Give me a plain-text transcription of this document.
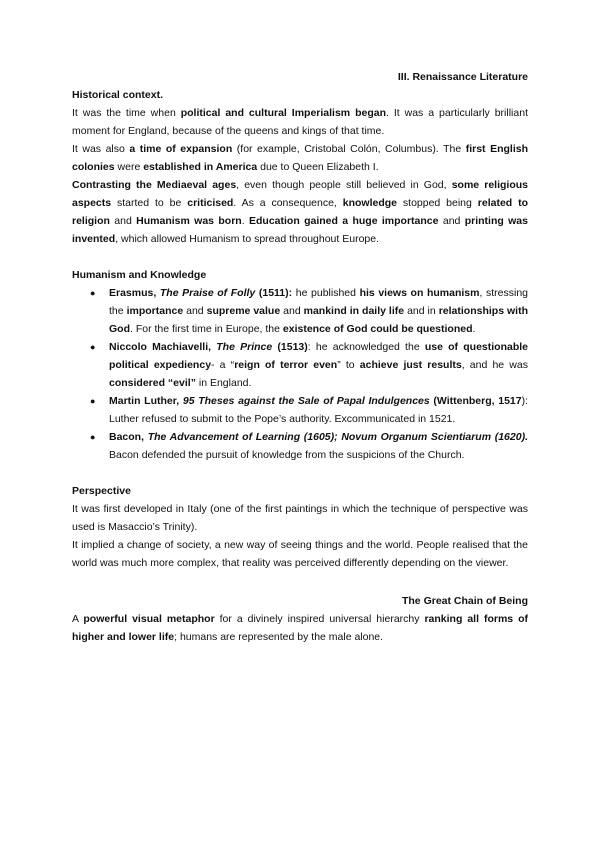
III. Renaissance Literature

Historical context.

It was the time when political and cultural Imperialism began. It was a particularly brilliant moment for England, because of the queens and kings of that time.

It was also a time of expansion (for example, Cristobal Colón, Columbus). The first English colonies were established in America due to Queen Elizabeth I.

Contrasting the Mediaeval ages, even though people still believed in God, some religious aspects started to be criticised. As a consequence, knowledge stopped being related to religion and Humanism was born. Education gained a huge importance and printing was invented, which allowed Humanism to spread throughout Europe.

Humanism and Knowledge

● Erasmus, The Praise of Folly (1511): he published his views on humanism, stressing the importance and supreme value and mankind in daily life and in relationships with God. For the first time in Europe, the existence of God could be questioned.
● Niccolo Machiavelli, The Prince (1513): he acknowledged the use of questionable political expediency- a “reign of terror even” to achieve just results, and he was considered “evil” in England.
● Martin Luther, 95 Theses against the Sale of Papal Indulgences (Wittenberg, 1517): Luther refused to submit to the Pope’s authority. Excommunicated in 1521.
● Bacon, The Advancement of Learning (1605); Novum Organum Scientiarum (1620). Bacon defended the pursuit of knowledge from the suspicions of the Church.

Perspective

It was first developed in Italy (one of the first paintings in which the technique of perspective was used is Masaccio’s Trinity).

It implied a change of society, a new way of seeing things and the world. People realised that the world was much more complex, that reality was perceived differently depending on the viewer.

The Great Chain of Being

A powerful visual metaphor for a divinely inspired universal hierarchy ranking all forms of higher and lower life; humans are represented by the male alone.
